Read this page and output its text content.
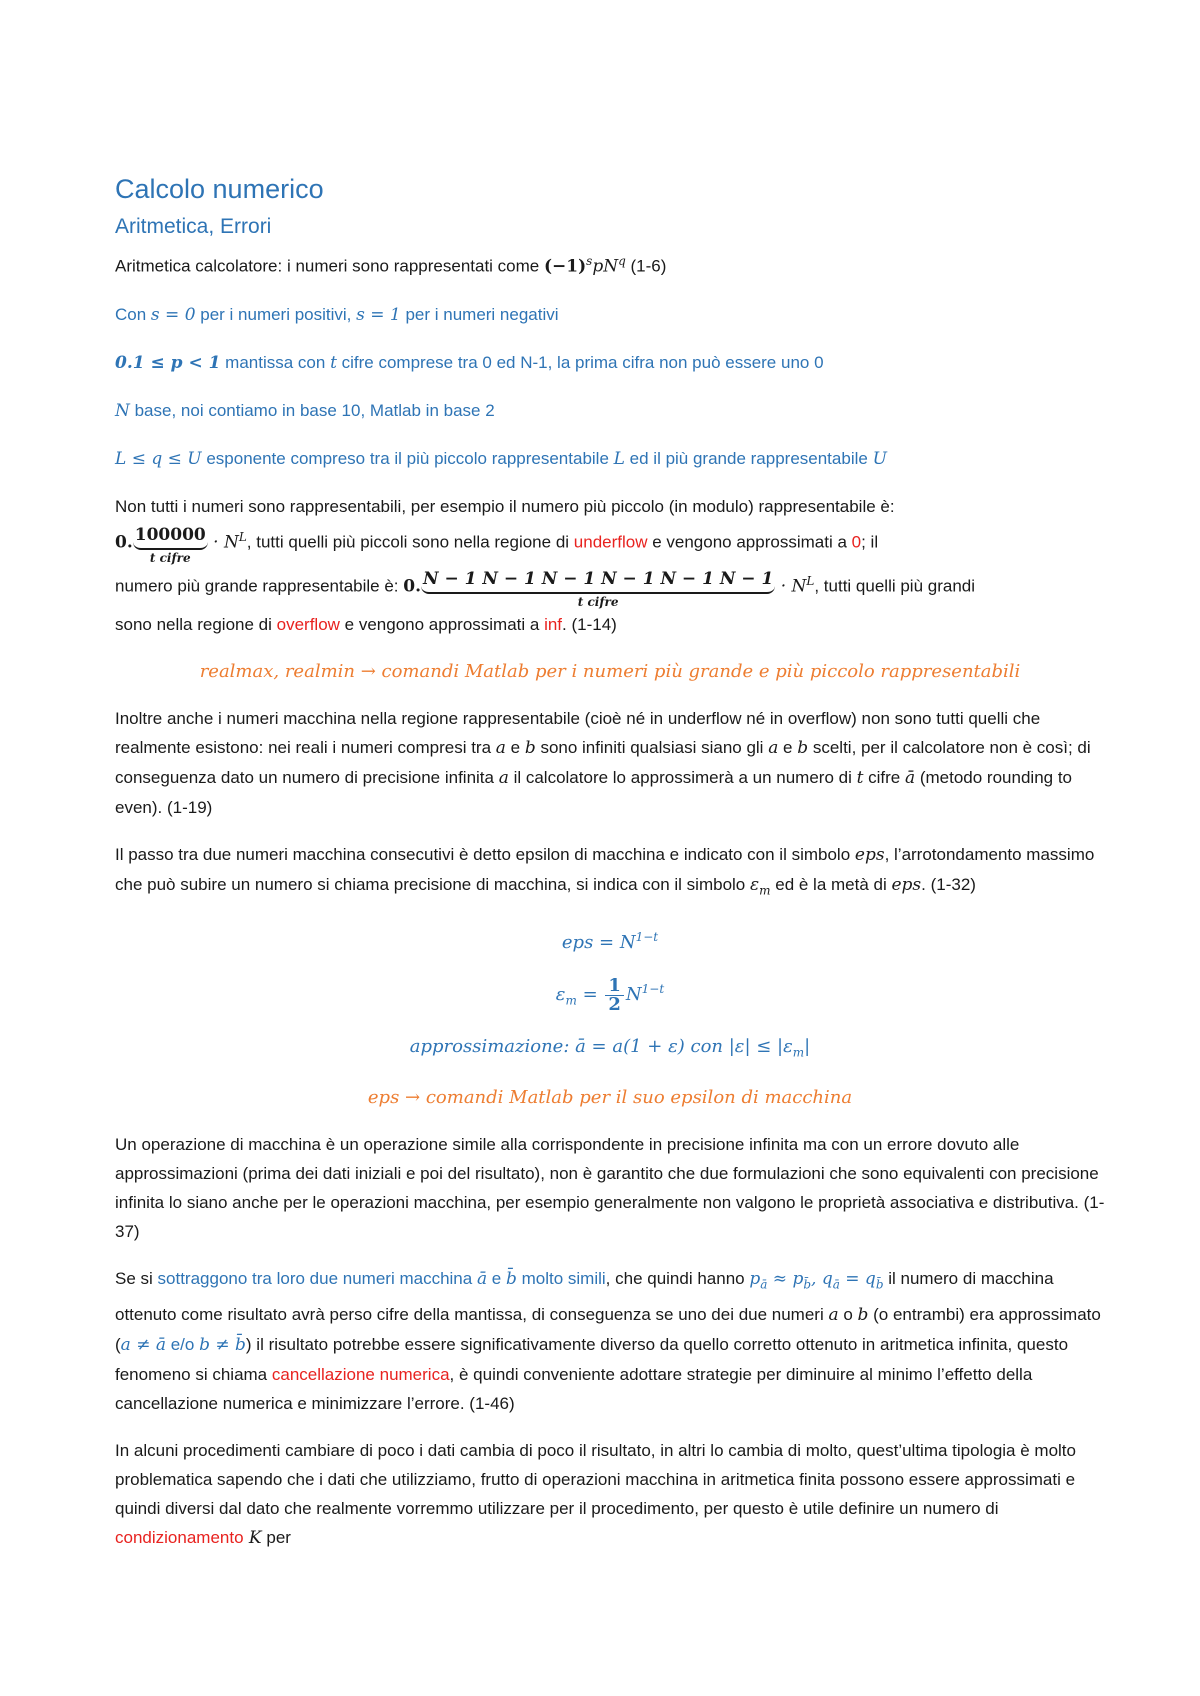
Calcolo numerico
Aritmetica, Errori

Aritmetica calcolatore: i numeri sono rappresentati come $(-1)^spN^q$ (1-6)

Con s = 0 per i numeri positivi, s = 1 per i numeri negativi

0.1 ≤ p < 1 mantissa con t cifre comprese tra 0 ed N-1, la prima cifra non può essere uno 0

N base, noi contiamo in base 10, Matlab in base 2

L ≤ q ≤ U esponente compreso tra il più piccolo rappresentabile L ed il più grande rappresentabile U

Non tutti i numeri sono rappresentabili, per esempio il numero più piccolo (in modulo) rappresentabile è:
0. 100000
t cifre
· $N^L$, tutti quelli più piccoli sono nella regione di underflow e vengono approssimati a 0; il
numero più grande rappresentabile è: 0. N − 1 N − 1 N − 1 N − 1 N − 1 N − 1
t cifre
· $N^L$, tutti quelli più grandi
sono nella regione di overflow e vengono approssimati a inf. (1-14)

realmax, realmin → comandi Matlab per i numeri più grande e più piccolo rappresentabili

Inoltre anche i numeri macchina nella regione rappresentabile (cioè né in underflow né in overflow) non sono tutti quelli che realmente esistono: nei reali i numeri compresi tra a e b sono infiniti qualsiasi siano gli a e b scelti, per il calcolatore non è così; di conseguenza dato un numero di precisione infinita a il calcolatore lo approssimerà a un numero di t cifre ā (metodo rounding to even). (1-19)

Il passo tra due numeri macchina consecutivi è detto epsilon di macchina e indicato con il simbolo eps, l’arrotondamento massimo che può subire un numero si chiama precisione di macchina, si indica con il simbolo $\varepsilon_m$ ed è la metà di eps. (1-32)

eps = $N^{1-t}$
$\varepsilon_m = \frac{1}{2} N^{1-t}$
approssimazione: ā = a(1 + ε) con $|\varepsilon| \le |\varepsilon_m|$

eps → comandi Matlab per il suo epsilon di macchina

Un operazione di macchina è un operazione simile alla corrispondente in precisione infinita ma con un errore dovuto alle approssimazioni (prima dei dati iniziali e poi del risultato), non è garantito che due formulazioni che sono equivalenti con precisione infinita lo siano anche per le operazioni macchina, per esempio generalmente non valgono le proprietà associativa e distributiva. (1-37)

Se si sottraggono tra loro due numeri macchina ā e b̄ molto simili, che quindi hanno $p_ā \approx p_{b̄}$, $q_ā = q_{b̄}$ il numero di macchina ottenuto come risultato avrà perso cifre della mantissa, di conseguenza se uno dei due numeri a o b (o entrambi) era approssimato (a ≠ ā e/o b ≠ b̄) il risultato potrebbe essere significativamente diverso da quello corretto ottenuto in aritmetica infinita, questo fenomeno si chiama cancellazione numerica, è quindi conveniente adottare strategie per diminuire al minimo l’effetto della cancellazione numerica e minimizzare l’errore. (1-46)

In alcuni procedimenti cambiare di poco i dati cambia di poco il risultato, in altri lo cambia di molto, quest’ultima tipologia è molto problematica sapendo che i dati che utilizziamo, frutto di operazioni macchina in aritmetica finita possono essere approssimati e quindi diversi dal dato che realmente vorremmo utilizzare per il procedimento, per questo è utile definire un numero di condizionamento K per
